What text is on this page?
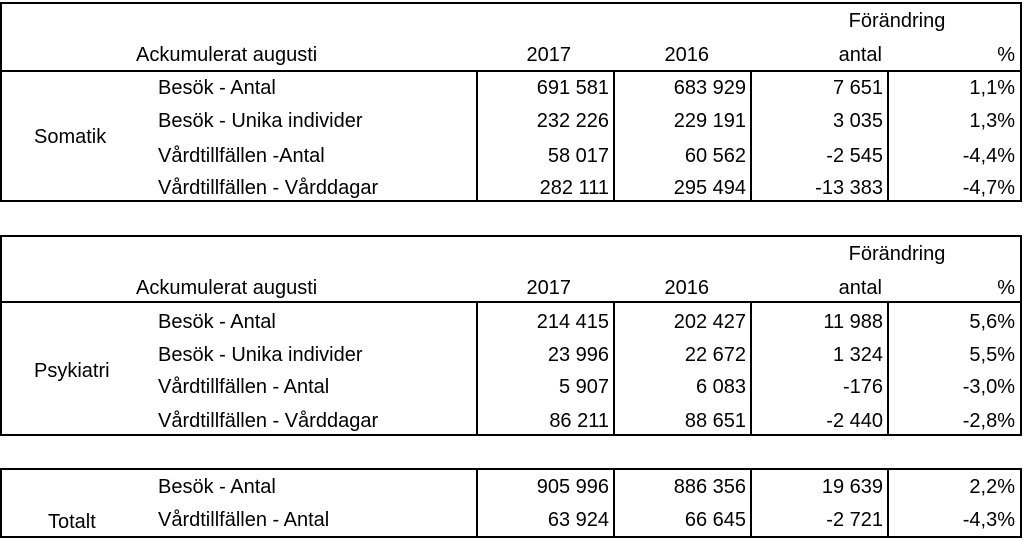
Förändring
Ackumulerat augusti	2017	2016	antal	%
Somatik
Besök - Antal	691 581	683 929	7 651	1,1%
Besök - Unika individer	232 226	229 191	3 035	1,3%
Vårdtillfällen -Antal	58 017	60 562	-2 545	-4,4%
Vårdtillfällen - Vårddagar	282 111	295 494	-13 383	-4,7%
Förändring
Ackumulerat augusti	2017	2016	antal	%
Psykiatri
Besök - Antal	214 415	202 427	11 988	5,6%
Besök - Unika individer	23 996	22 672	1 324	5,5%
Vårdtillfällen - Antal	5 907	6 083	-176	-3,0%
Vårdtillfällen - Vårddagar	86 211	88 651	-2 440	-2,8%
Totalt
Besök - Antal	905 996	886 356	19 639	2,2%
Vårdtillfällen - Antal	63 924	66 645	-2 721	-4,3%
